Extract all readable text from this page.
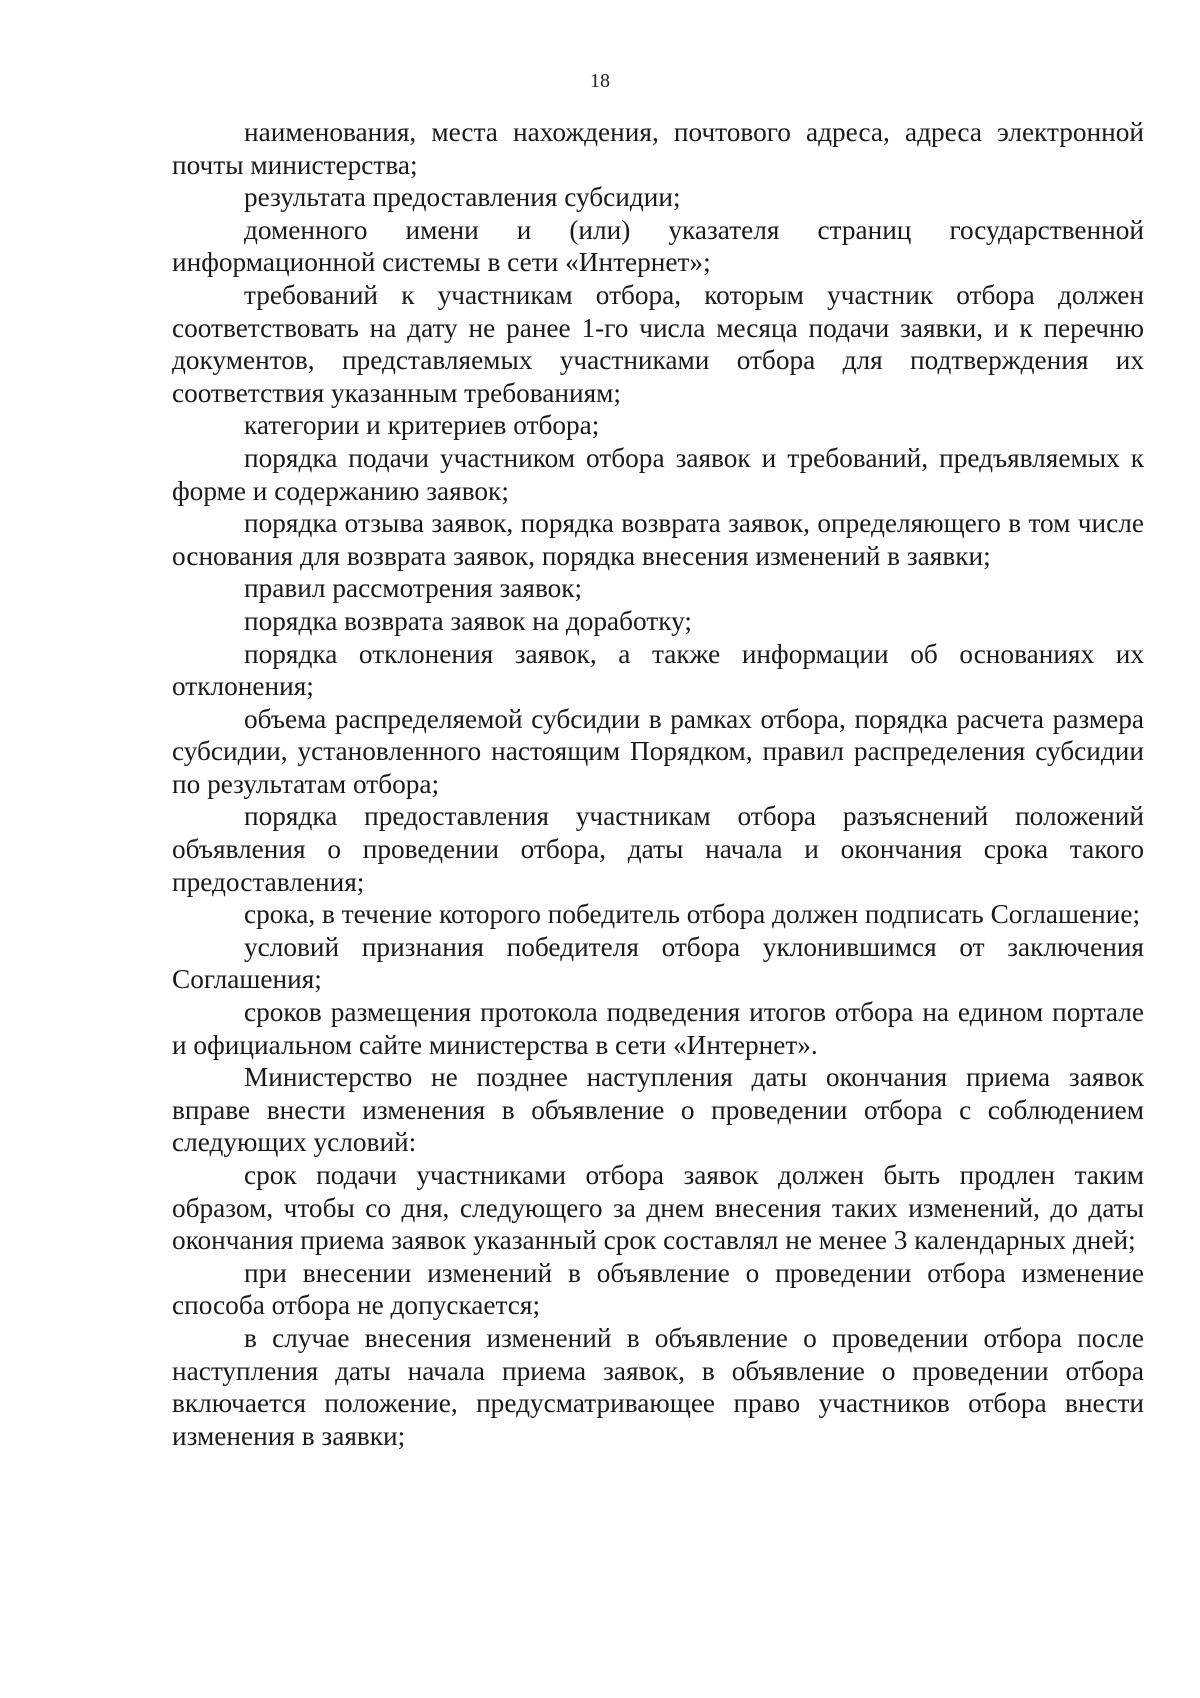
18

наименования, места нахождения, почтового адреса, адреса электронной почты министерства;

результата предоставления субсидии;

доменного имени и (или) указателя страниц государственной информационной системы в сети «Интернет»;

требований к участникам отбора, которым участник отбора должен соответствовать на дату не ранее 1-го числа месяца подачи заявки, и к перечню документов, представляемых участниками отбора для подтверждения их соответствия указанным требованиям;

категории и критериев отбора;

порядка подачи участником отбора заявок и требований, предъявляемых к форме и содержанию заявок;

порядка отзыва заявок, порядка возврата заявок, определяющего в том числе основания для возврата заявок, порядка внесения изменений в заявки;

правил рассмотрения заявок;

порядка возврата заявок на доработку;

порядка отклонения заявок, а также информации об основаниях их отклонения;

объема распределяемой субсидии в рамках отбора, порядка расчета размера субсидии, установленного настоящим Порядком, правил распределения субсидии по результатам отбора;

порядка предоставления участникам отбора разъяснений положений объявления о проведении отбора, даты начала и окончания срока такого предоставления;

срока, в течение которого победитель отбора должен подписать Соглашение;

условий признания победителя отбора уклонившимся от заключения Соглашения;

сроков размещения протокола подведения итогов отбора на едином портале и официальном сайте министерства в сети «Интернет».

Министерство не позднее наступления даты окончания приема заявок вправе внести изменения в объявление о проведении отбора с соблюдением следующих условий:

срок подачи участниками отбора заявок должен быть продлен таким образом, чтобы со дня, следующего за днем внесения таких изменений, до даты окончания приема заявок указанный срок составлял не менее 3 календарных дней;

при внесении изменений в объявление о проведении отбора изменение способа отбора не допускается;

в случае внесения изменений в объявление о проведении отбора после наступления даты начала приема заявок, в объявление о проведении отбора включается положение, предусматривающее право участников отбора внести изменения в заявки;
